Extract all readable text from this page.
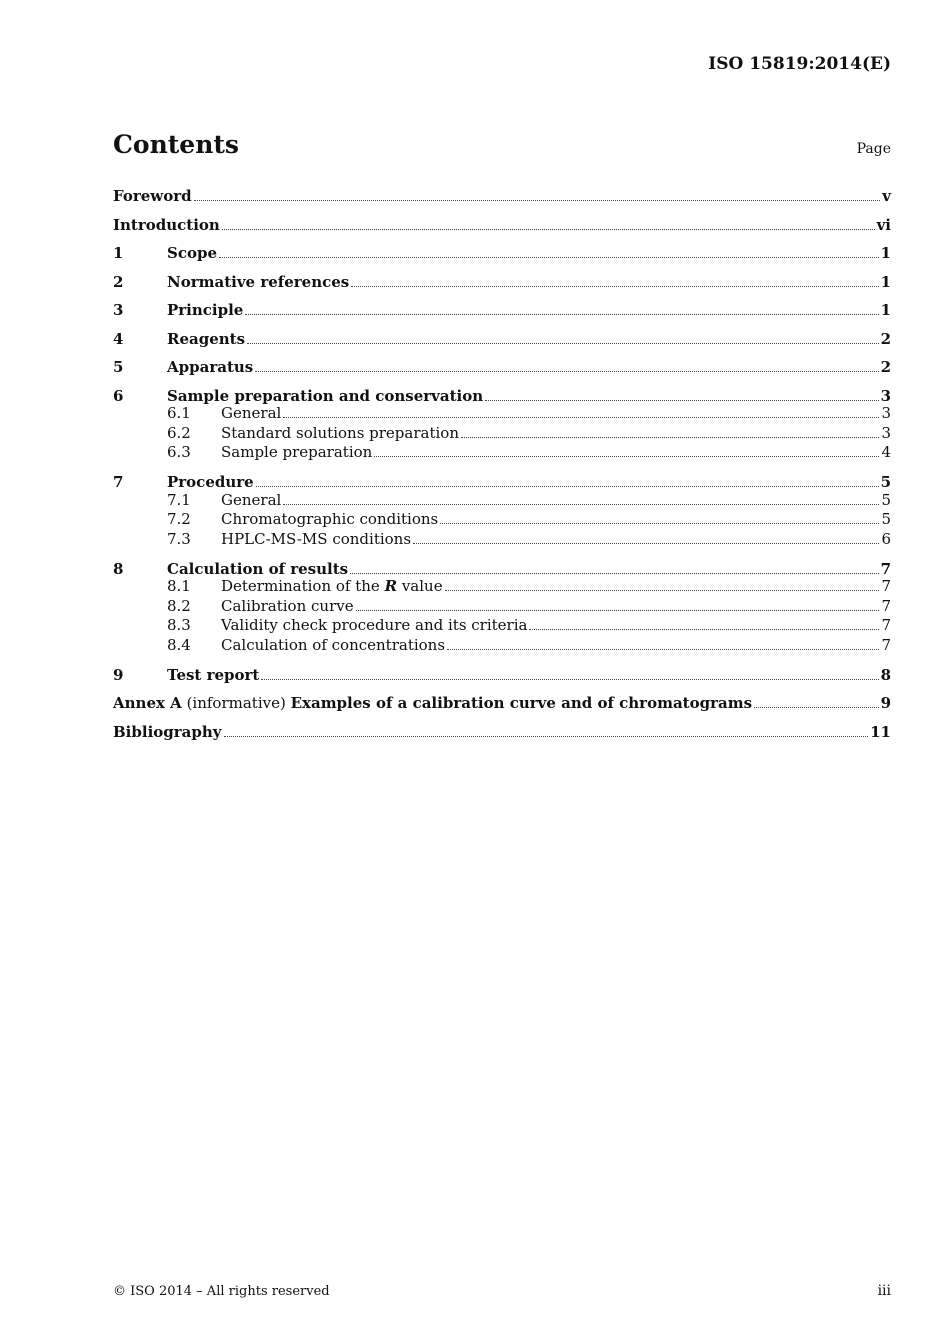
ISO 15819:2014(E)
Contents	Page
Foreword	v
Introduction	vi
1	Scope	1
2	Normative references	1
3	Principle	1
4	Reagents	2
5	Apparatus	2
6	Sample preparation and conservation	3
6.1	General	3
6.2	Standard solutions preparation	3
6.3	Sample preparation	4
7	Procedure	5
7.1	General	5
7.2	Chromatographic conditions	5
7.3	HPLC-MS-MS conditions	6
8	Calculation of results	7
8.1	Determination of the R value	7
8.2	Calibration curve	7
8.3	Validity check procedure and its criteria	7
8.4	Calculation of concentrations	7
9	Test report	8
Annex A (informative) Examples of a calibration curve and of chromatograms	9
Bibliography	11
© ISO 2014 – All rights reserved	iii
